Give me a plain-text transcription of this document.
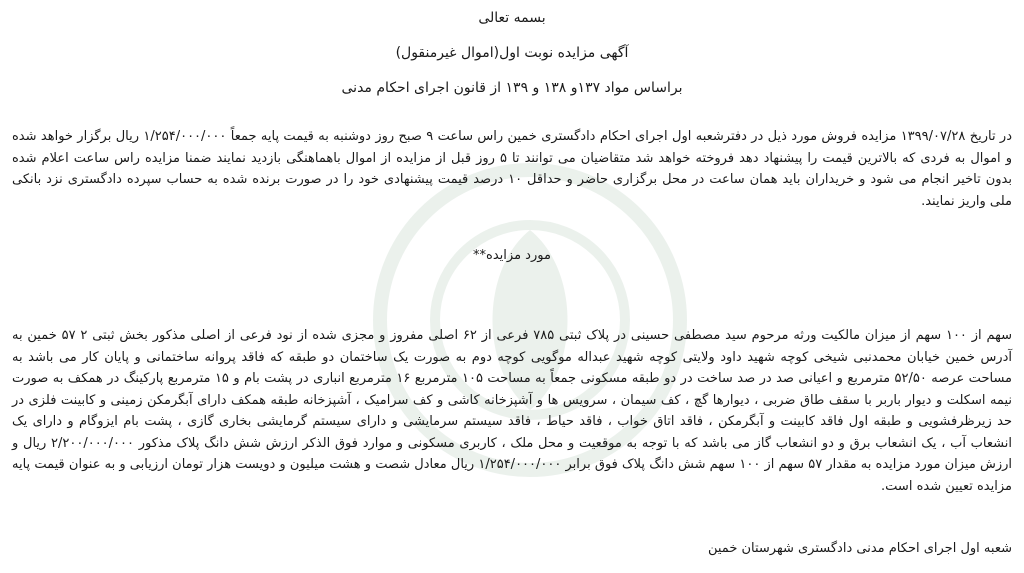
بسمه تعالی
آگهی مزایده نوبت اول(اموال غیرمنقول)
براساس مواد ۱۳۷و ۱۳۸ و ۱۳۹ از قانون اجرای احکام مدنی

در تاریخ ۱۳۹۹/۰۷/۲۸ مزایده فروش مورد ذیل در دفترشعبه اول اجرای احکام دادگستری خمین راس ساعت ۹ صبح روز دوشنبه به قیمت پایه جمعاً ۱/۲۵۴/۰۰۰/۰۰۰ ریال برگزار خواهد شده و اموال به فردی که بالاترین قیمت را پیشنهاد دهد فروخته خواهد شد متقاضیان می توانند تا ۵ روز قبل از مزایده از اموال باهماهنگی بازدید نمایند ضمنا مزایده راس ساعت اعلام شده بدون تاخیر انجام می شود و خریداران باید همان ساعت در محل برگزاری حاضر و حداقل ۱۰ درصد قیمت پیشنهادی خود را در صورت برنده شده به حساب سپرده دادگستری نزد بانکی ملی واریز نمایند.

مورد مزایده**

سهم از ۱۰۰ سهم از میزان مالکیت ورثه مرحوم سید مصطفی حسینی در پلاک ثبتی ۷۸۵ فرعی از ۶۲ اصلی مفروز و مجزی شده از نود فرعی از اصلی مذکور بخش ثبتی ۲ ۵۷ خمین به آدرس خمین خیابان محمدنبی شیخی کوچه شهید داود ولایتی کوچه شهید عبداله موگویی کوچه دوم به صورت یک ساختمان دو طبقه که فاقد پروانه ساختمانی و پایان کار می باشد به مساحت عرصه ۵۲/۵۰ مترمربع و اعیانی صد در صد ساخت در دو طبقه مسکونی جمعاً به مساحت ۱۰۵ مترمربع ۱۶ مترمربع انباری در پشت بام و ۱۵ مترمربع پارکینگ در همکف به صورت نیمه اسکلت و دیوار باربر با سقف طاق ضربی ، دیوارها گچ ، کف سیمان ، سرویس ها و آشپزخانه کاشی و کف سرامیک ، آشپزخانه طبقه همکف دارای آبگرمکن زمینی و کابینت فلزی در حد زیرظرفشویی و طبقه اول فاقد کابینت و آبگرمکن ، فاقد اتاق خواب ، فاقد حیاط ، فاقد سیستم سرمایشی و دارای سیستم گرمایشی بخاری گازی ، پشت بام ایزوگام و دارای یک انشعاب آب ، یک انشعاب برق و دو انشعاب گاز می باشد که با توجه به موقعیت و محل ملک ، کاربری مسکونی و موارد فوق الذکر ارزش شش دانگ پلاک مذکور ۲/۲۰۰/۰۰۰/۰۰۰ ریال و ارزش میزان مورد مزایده به مقدار ۵۷ سهم از ۱۰۰ سهم شش دانگ پلاک فوق برابر ۱/۲۵۴/۰۰۰/۰۰۰ ریال معادل شصت و هشت میلیون و دویست هزار تومان ارزیابی و به عنوان قیمت پایه مزایده تعیین شده است.

شعبه اول اجرای احکام مدنی دادگستری شهرستان خمین
